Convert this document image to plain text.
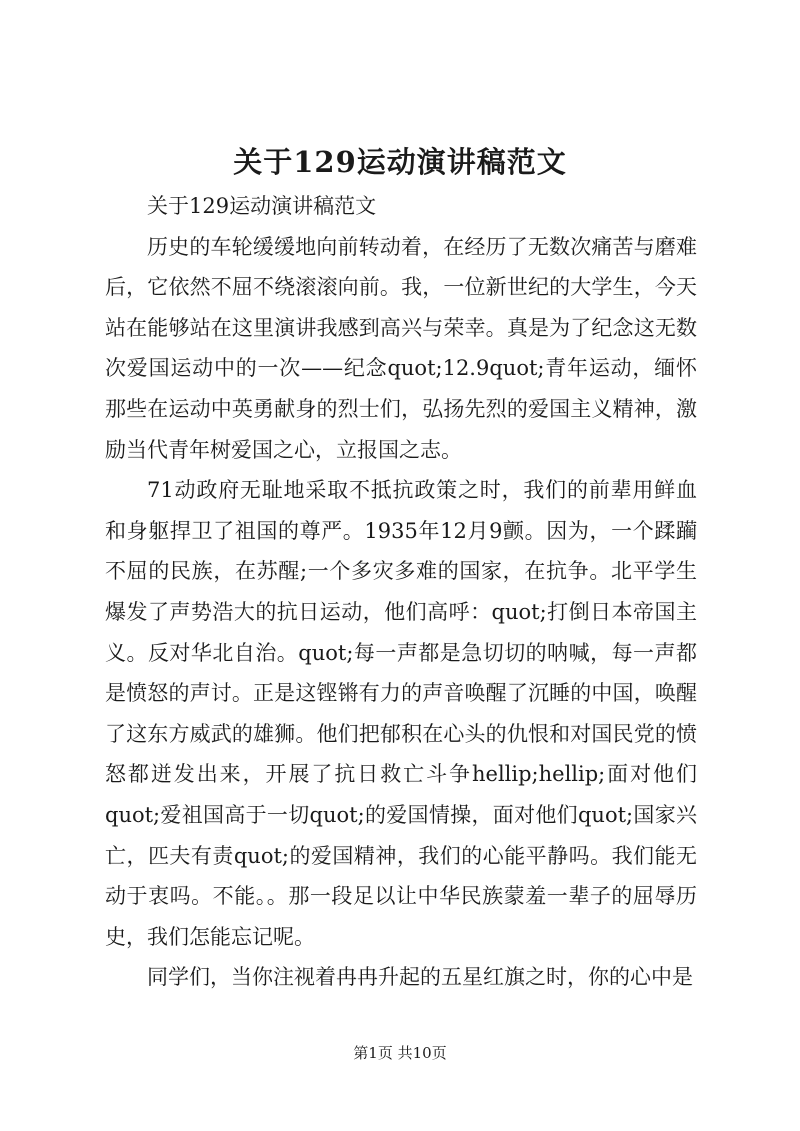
关于129运动演讲稿范文

关于129运动演讲稿范文

历史的车轮缓缓地向前转动着，在经历了无数次痛苦与磨难后，它依然不屈不绕滚滚向前。我，一位新世纪的大学生，今天站在能够站在这里演讲我感到高兴与荣幸。真是为了纪念这无数次爱国运动中的一次——纪念quot;12.9quot;青年运动，缅怀那些在运动中英勇献身的烈士们，弘扬先烈的爱国主义精神，激励当代青年树爱国之心，立报国之志。

71动政府无耻地采取不抵抗政策之时，我们的前辈用鲜血和身躯捍卫了祖国的尊严。1935年12月9颤。因为，一个蹂躏不屈的民族，在苏醒;一个多灾多难的国家，在抗争。北平学生爆发了声势浩大的抗日运动，他们高呼：quot;打倒日本帝国主义。反对华北自治。quot;每一声都是急切切的呐喊，每一声都是愤怒的声讨。正是这铿锵有力的声音唤醒了沉睡的中国，唤醒了这东方威武的雄狮。他们把郁积在心头的仇恨和对国民党的愤怒都迸发出来，开展了抗日救亡斗争hellip;hellip;面对他们quot;爱祖国高于一切quot;的爱国情操，面对他们quot;国家兴亡，匹夫有责quot;的爱国精神，我们的心能平静吗。我们能无动于衷吗。不能。。那一段足以让中华民族蒙羞一辈子的屈辱历史，我们怎能忘记呢。

同学们，当你注视着冉冉升起的五星红旗之时，你的心中是

第1页 共10页
